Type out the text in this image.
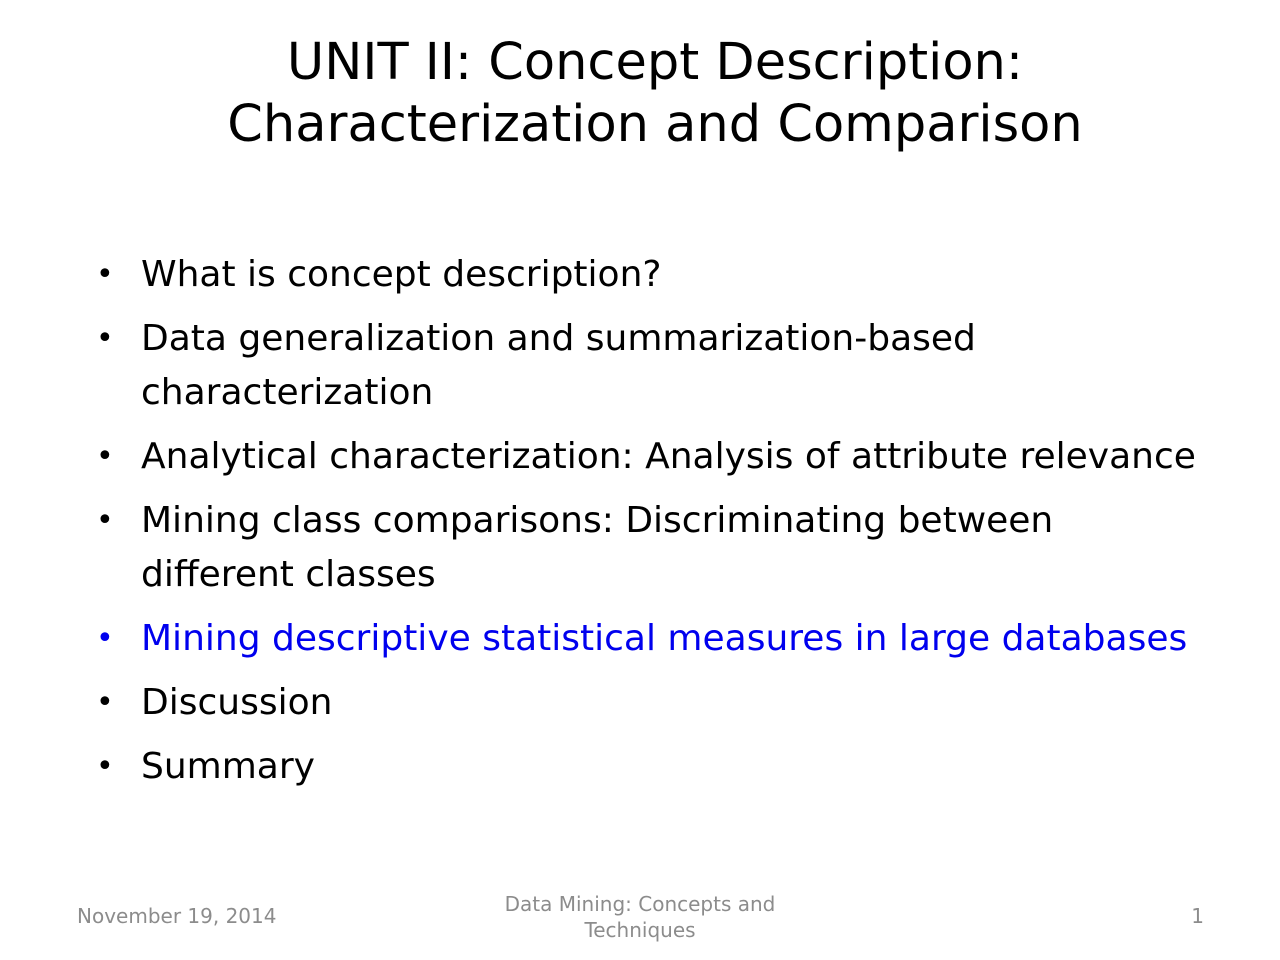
UNIT II: Concept Description:
Characterization and Comparison
• What is concept description?
• Data generalization and summarization-based characterization
• Analytical characterization: Analysis of attribute relevance
• Mining class comparisons: Discriminating between different classes
• Mining descriptive statistical measures in large databases
• Discussion
• Summary
November 19, 2014	Data Mining: Concepts and
Techniques
1
